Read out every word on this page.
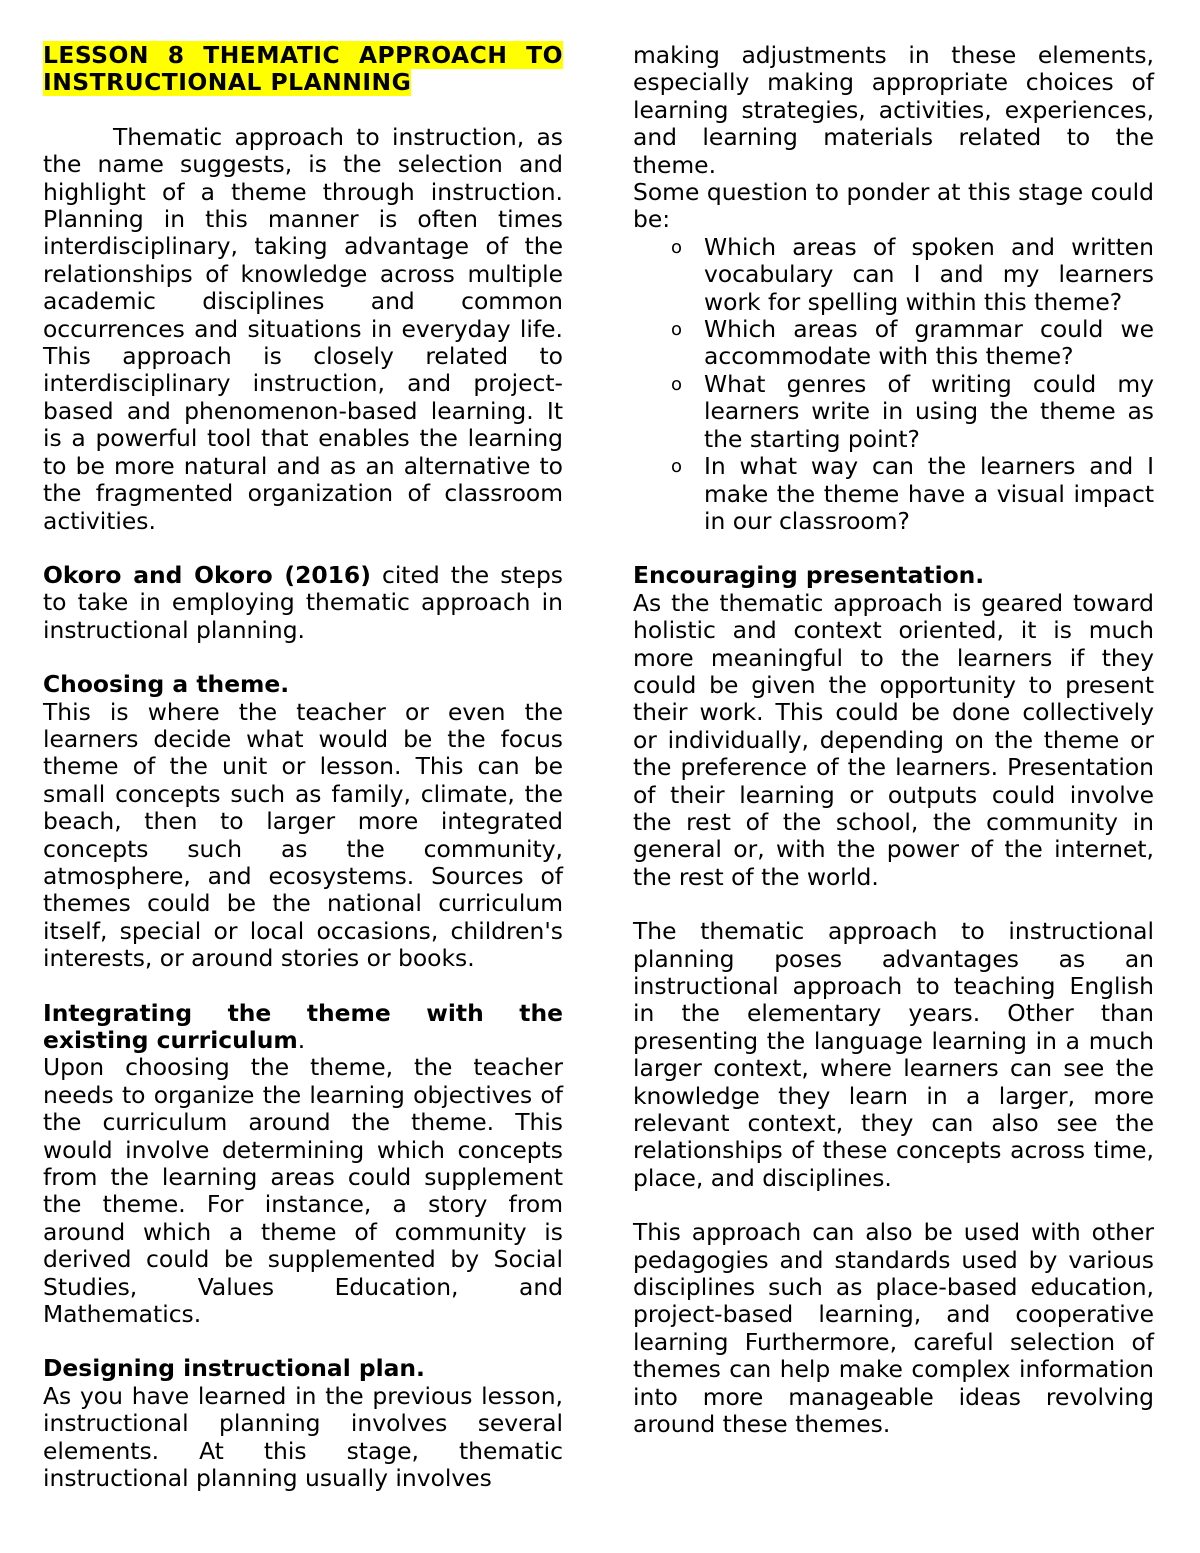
LESSON 8 THEMATIC APPROACH TO INSTRUCTIONAL PLANNING

Thematic approach to instruction, as the name suggests, is the selection and highlight of a theme through instruction. Planning in this manner is often times interdisciplinary, taking advantage of the relationships of knowledge across multiple academic disciplines and common occurrences and situations in everyday life. This approach is closely related to interdisciplinary instruction, and project-based and phenomenon-based learning. It is a powerful tool that enables the learning to be more natural and as an alternative to the fragmented organization of classroom activities.

Okoro and Okoro (2016) cited the steps to take in employing thematic approach in instructional planning.

Choosing a theme.

This is where the teacher or even the learners decide what would be the focus theme of the unit or lesson. This can be small concepts such as family, climate, the beach, then to larger more integrated concepts such as the community, atmosphere, and ecosystems. Sources of themes could be the national curriculum itself, special or local occasions, children's interests, or around stories or books.

Integrating the theme with the existing curriculum.

Upon choosing the theme, the teacher needs to organize the learning objectives of the curriculum around the theme. This would involve determining which concepts from the learning areas could supplement the theme. For instance, a story from around which a theme of community is derived could be supplemented by Social Studies, Values Education, and Mathematics.

Designing instructional plan.

As you have learned in the previous lesson, instructional planning involves several elements. At this stage, thematic instructional planning usually involves

making adjustments in these elements, especially making appropriate choices of learning strategies, activities, experiences, and learning materials related to the theme.

Some question to ponder at this stage could be:

o Which areas of spoken and written vocabulary can I and my learners work for spelling within this theme?
o Which areas of grammar could we accommodate with this theme?
o What genres of writing could my learners write in using the theme as the starting point?
o In what way can the learners and I make the theme have a visual impact in our classroom?

Encouraging presentation.

As the thematic approach is geared toward holistic and context oriented, it is much more meaningful to the learners if they could be given the opportunity to present their work. This could be done collectively or individually, depending on the theme or the preference of the learners. Presentation of their learning or outputs could involve the rest of the school, the community in general or, with the power of the internet, the rest of the world.

The thematic approach to instructional planning poses advantages as an instructional approach to teaching English in the elementary years. Other than presenting the language learning in a much larger context, where learners can see the knowledge they learn in a larger, more relevant context, they can also see the relationships of these concepts across time, place, and disciplines.

This approach can also be used with other pedagogies and standards used by various disciplines such as place-based education, project-based learning, and cooperative learning Furthermore, careful selection of themes can help make complex information into more manageable ideas revolving around these themes.
